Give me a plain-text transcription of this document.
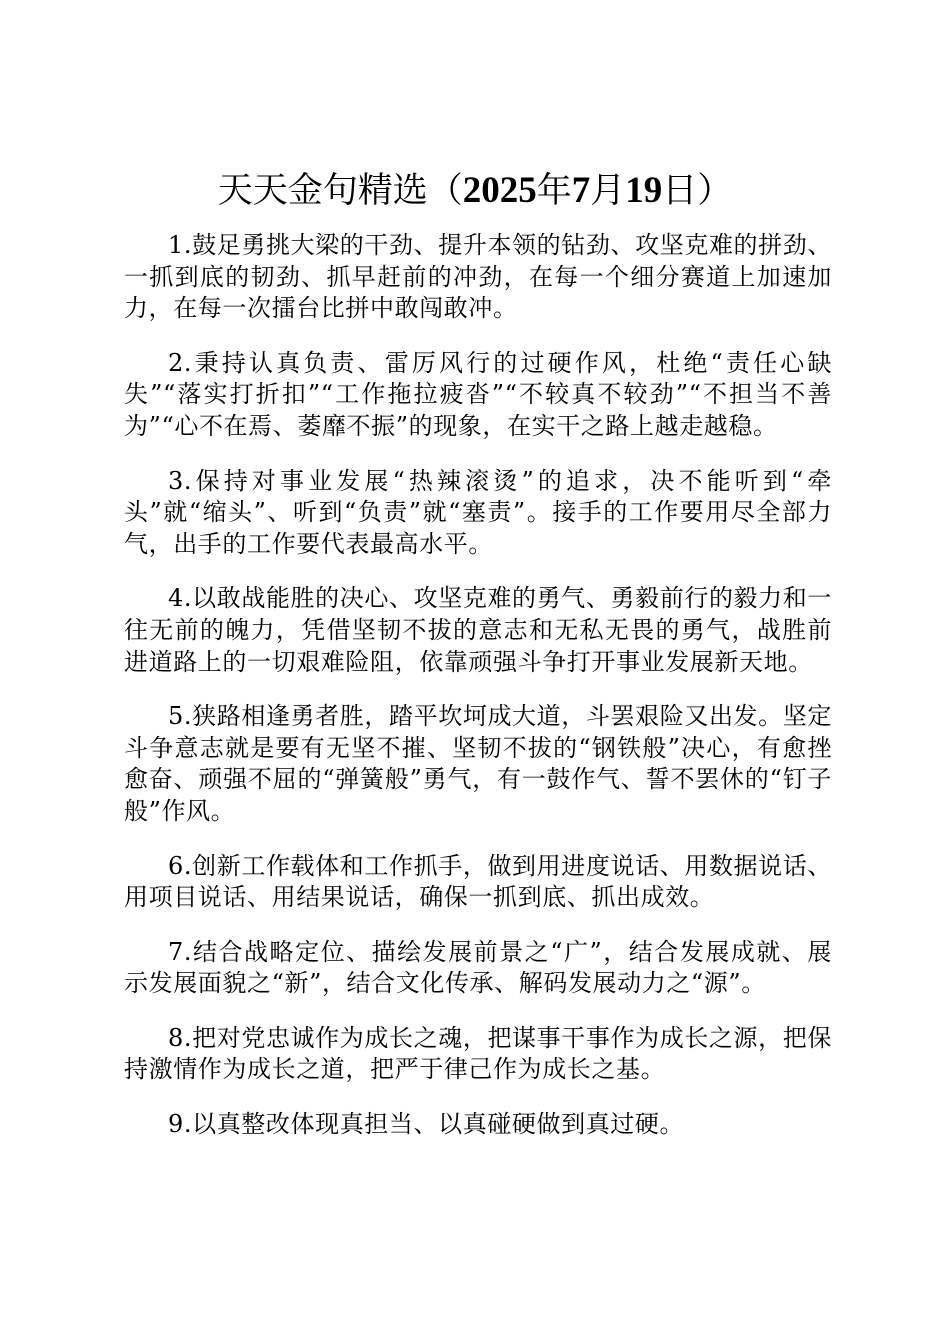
天天金句精选（2025年7月19日）

1.鼓足勇挑大梁的干劲、提升本领的钻劲、攻坚克难的拼劲、一抓到底的韧劲、抓早赶前的冲劲，在每一个细分赛道上加速加力，在每一次擂台比拼中敢闯敢冲。

2.秉持认真负责、雷厉风行的过硬作风，杜绝“责任心缺失”“落实打折扣”“工作拖拉疲沓”“不较真不较劲”“不担当不善为”“心不在焉、萎靡不振”的现象，在实干之路上越走越稳。

3.保持对事业发展“热辣滚烫”的追求，决不能听到“牵头”就“缩头”、听到“负责”就“塞责”。接手的工作要用尽全部力气，出手的工作要代表最高水平。

4.以敢战能胜的决心、攻坚克难的勇气、勇毅前行的毅力和一往无前的魄力，凭借坚韧不拔的意志和无私无畏的勇气，战胜前进道路上的一切艰难险阻，依靠顽强斗争打开事业发展新天地。

5.狭路相逢勇者胜，踏平坎坷成大道，斗罢艰险又出发。坚定斗争意志就是要有无坚不摧、坚韧不拔的“钢铁般”决心，有愈挫愈奋、顽强不屈的“弹簧般”勇气，有一鼓作气、誓不罢休的“钉子般”作风。

6.创新工作载体和工作抓手，做到用进度说话、用数据说话、用项目说话、用结果说话，确保一抓到底、抓出成效。

7.结合战略定位、描绘发展前景之“广”，结合发展成就、展示发展面貌之“新”，结合文化传承、解码发展动力之“源”。

8.把对党忠诚作为成长之魂，把谋事干事作为成长之源，把保持激情作为成长之道，把严于律己作为成长之基。

9.以真整改体现真担当、以真碰硬做到真过硬。
